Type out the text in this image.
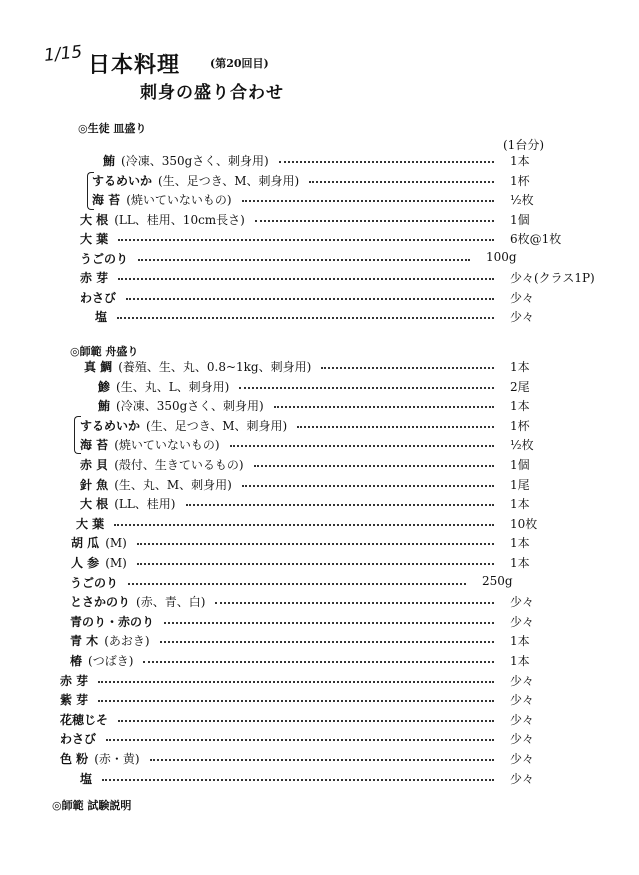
1/15 日本料理	(第20回目)
刺身の盛り合わせ
◎生徒 皿盛り
(1台分)
◎師範 舟盛り
◎師範 試験説明
鮪 (冷凍、350gさく、刺身用)	1本
するめいか (生、足つき、M、刺身用)	1杯
海 苔 (焼いていないもの)	½枚
大 根 (LL、桂用、10cm長さ)	1個
大 葉	6枚@1枚
うごのり	100g
赤 芽	少々(クラス1P)
わさび	少々
塩	少々
真 鯛 (養殖、生、丸、0.8~1kg、刺身用)	1本
鯵 (生、丸、L、刺身用)	2尾
鮪 (冷凍、350gさく、刺身用)	1本
するめいか (生、足つき、M、刺身用)	1杯
海 苔 (焼いていないもの)	½枚
赤 貝 (殻付、生きているもの)	1個
針 魚 (生、丸、M、刺身用)	1尾
大 根 (LL、桂用)	1本
大 葉	10枚
胡 瓜 (M)	1本
人 参 (M)	1本
うごのり	250g
とさかのり (赤、青、白)	少々
青のり・赤のり	少々
青 木 (あおき)	1本
椿 (つばき)	1本
赤 芽	少々
紫 芽	少々
花穂じそ	少々
わさび	少々
色 粉 (赤・黄)	少々
塩	少々
